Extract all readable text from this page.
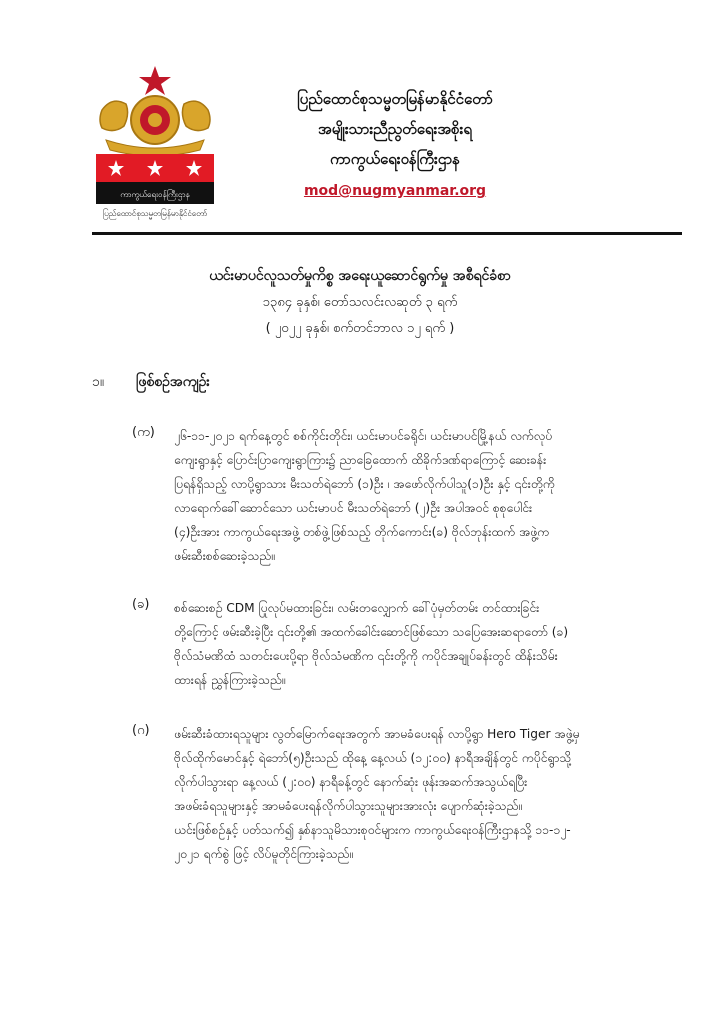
ကာကွယ်ရေးဝန်ကြီးဌာန
ပြည်ထောင်စုသမ္မတမြန်မာနိုင်ငံတော်
ပြည်ထောင်စုသမ္မတမြန်မာနိုင်ငံတော်
အမျိုးသားညီညွတ်ရေးအစိုးရ
ကာကွယ်ရေးဝန်ကြီးဌာန
mod@nugmyanmar.org
ယင်းမာပင်လူသတ်မှုကိစ္စ အရေးယူဆောင်ရွက်မှု အစီရင်ခံစာ
၁၃၈၄ ခုနှစ်၊ တော်သလင်းလဆုတ် ၃ ရက်
( ၂၀၂၂ ခုနှစ်၊ စက်တင်ဘာလ ၁၂ ရက် )
၁။ ဖြစ်စဉ်အကျဉ်း
(က)	၂၆-၁၁-၂၀၂၁ ရက်နေ့တွင် စစ်ကိုင်းတိုင်း၊ ယင်းမာပင်ခရိုင်၊ ယင်းမာပင်မြို့နယ် လက်လုပ်
ကျေးရွာနှင့် ပြောင်းပြာကျေးရွာကြား၌ ညာခြေထောက် ထိခိုက်ဒဏ်ရာကြောင့် ဆေးခန်း
ပြရန်ရှိသည့် လာပို့ရွာသား မီးသတ်ရဲဘော် (၁)ဦး ၊ အဖော်လိုက်ပါသူ(၁)ဦး နှင့် ၎င်းတို့ကို
လာရောက်ခေါ်ဆောင်သော ယင်းမာပင် မီးသတ်ရဲဘော် (၂)ဦး အပါအဝင် စုစုပေါင်း
(၄)ဦးအား ကာကွယ်ရေးအဖွဲ့ တစ်ဖွဲ့ဖြစ်သည့် တိုက်ကောင်း(ခ) ဗိုလ်ဘုန်းထက် အဖွဲ့က
ဖမ်းဆီးစစ်ဆေးခဲ့သည်။
(ခ)	စစ်ဆေးစဉ် CDM ပြုလုပ်မထားခြင်း၊ လမ်းတလျှောက် ခေါ်ပုံမှတ်တမ်း တင်ထားခြင်း
တို့ကြောင့် ဖမ်းဆီးခဲ့ပြီး ၎င်းတို့၏ အထက်ခေါင်းဆောင်ဖြစ်သော သပြေအေးဆရာတော် (ခ)
ဗိုလ်သံမဏိထံ သတင်းပေးပို့ရာ ဗိုလ်သံမဏိက ၎င်းတို့ကို ကပိုင်အချုပ်ခန်းတွင် ထိန်းသိမ်း
ထားရန် ညွှန်ကြားခဲ့သည်။
(ဂ)	ဖမ်းဆီးခံထားရသူများ လွတ်မြောက်ရေးအတွက် အာမခံပေးရန် လာပို့ရွာ Hero Tiger အဖွဲ့မှ
ဗိုလ်ထိုက်မောင်နှင့် ရဲဘော်(၅)ဦးသည် ထိုနေ့ နေ့လယ် (၁၂:၀၀) နာရီအချိန်တွင် ကပိုင်ရွာသို့
လိုက်ပါသွားရာ နေ့လယ် (၂:၀၀) နာရီခန့်တွင် နောက်ဆုံး ဖုန်းအဆက်အသွယ်ရပြီး
အဖမ်းခံရသူများနှင့် အာမခံပေးရန်လိုက်ပါသွားသူများအားလုံး ပျောက်ဆုံးခဲ့သည်။
ယင်းဖြစ်စဉ်နှင့် ပတ်သက်၍ နှစ်နာသူမိသားစုဝင်များက ကာကွယ်ရေးဝန်ကြီးဌာနသို့ ၁၁-၁၂-
၂၀၂၁ ရက်စွဲ ဖြင့် လိပ်မူတိုင်ကြားခဲ့သည်။
